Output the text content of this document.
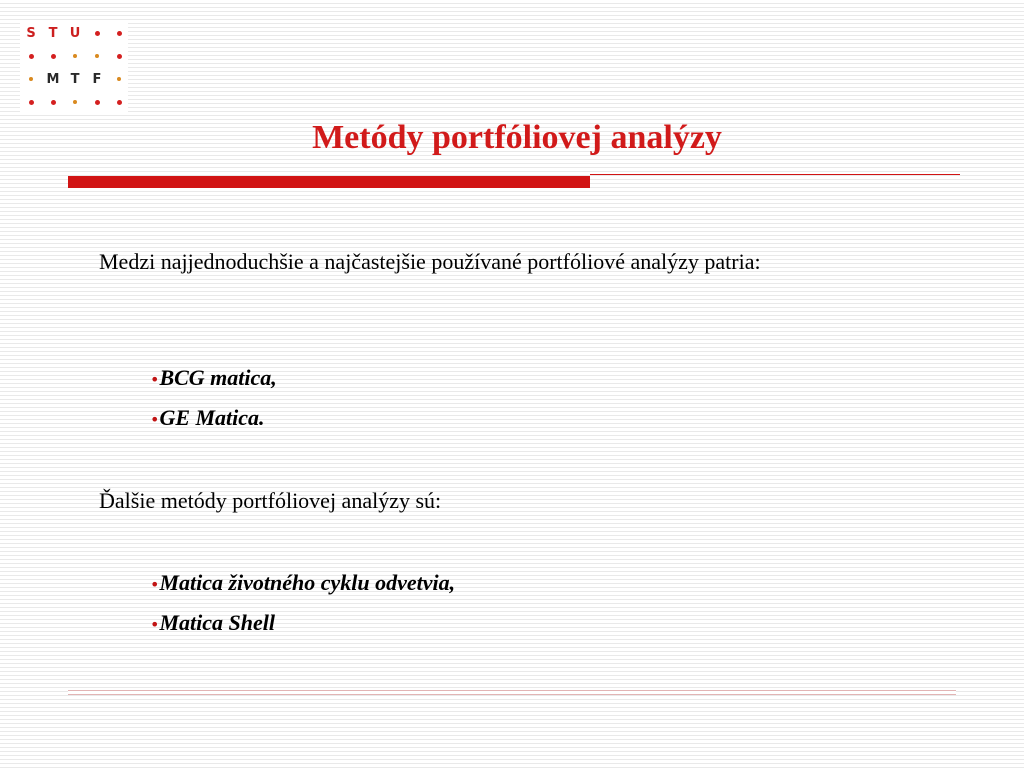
S T U
M T F
Metódy portfóliovej analýzy

Medzi najjednoduchšie a najčastejšie používané portfóliové analýzy patria:

•BCG matica,
•GE Matica.

Ďalšie metódy portfóliovej analýzy sú:

•Matica životného cyklu odvetvia,
•Matica Shell
